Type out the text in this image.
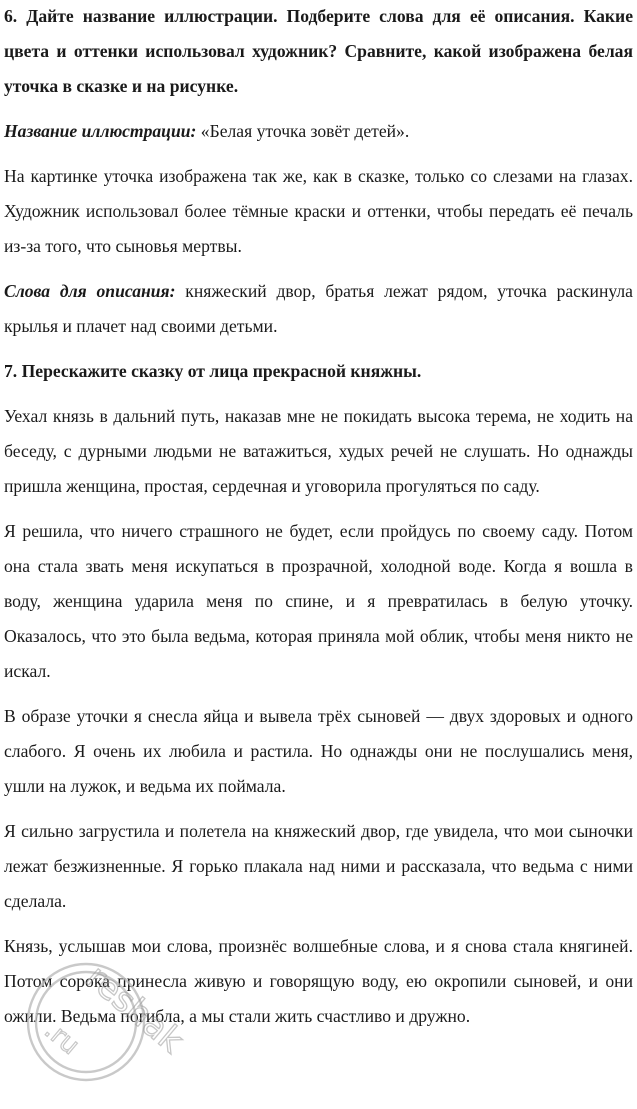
6. Дайте название иллюстрации. Подберите слова для её описания. Какие цвета и оттенки использовал художник? Сравните, какой изображена белая уточка в сказке и на рисунке.

Название иллюстрации: «Белая уточка зовёт детей».

На картинке уточка изображена так же, как в сказке, только со слезами на глазах. Художник использовал более тёмные краски и оттенки, чтобы передать её печаль из-за того, что сыновья мертвы.

Слова для описания: княжеский двор, братья лежат рядом, уточка раскинула крылья и плачет над своими детьми.

7. Перескажите сказку от лица прекрасной княжны.

Уехал князь в дальний путь, наказав мне не покидать высока терема, не ходить на беседу, с дурными людьми не ватажиться, худых речей не слушать. Но однажды пришла женщина, простая, сердечная и уговорила прогуляться по саду.

Я решила, что ничего страшного не будет, если пройдусь по своему саду. Потом она стала звать меня искупаться в прозрачной, холодной воде. Когда я вошла в воду, женщина ударила меня по спине, и я превратилась в белую уточку. Оказалось, что это была ведьма, которая приняла мой облик, чтобы меня никто не искал.

В образе уточки я снесла яйца и вывела трёх сыновей — двух здоровых и одного слабого. Я очень их любила и растила. Но однажды они не послушались меня, ушли на лужок, и ведьма их поймала.

Я сильно загрустила и полетела на княжеский двор, где увидела, что мои сыночки лежат безжизненные. Я горько плакала над ними и рассказала, что ведьма с ними сделала.

Князь, услышав мои слова, произнёс волшебные слова, и я снова стала княгиней. Потом сорока принесла живую и говорящую воду, ею окропили сыновей, и они ожили. Ведьма погибла, а мы стали жить счастливо и дружно.

reshak
.ru
